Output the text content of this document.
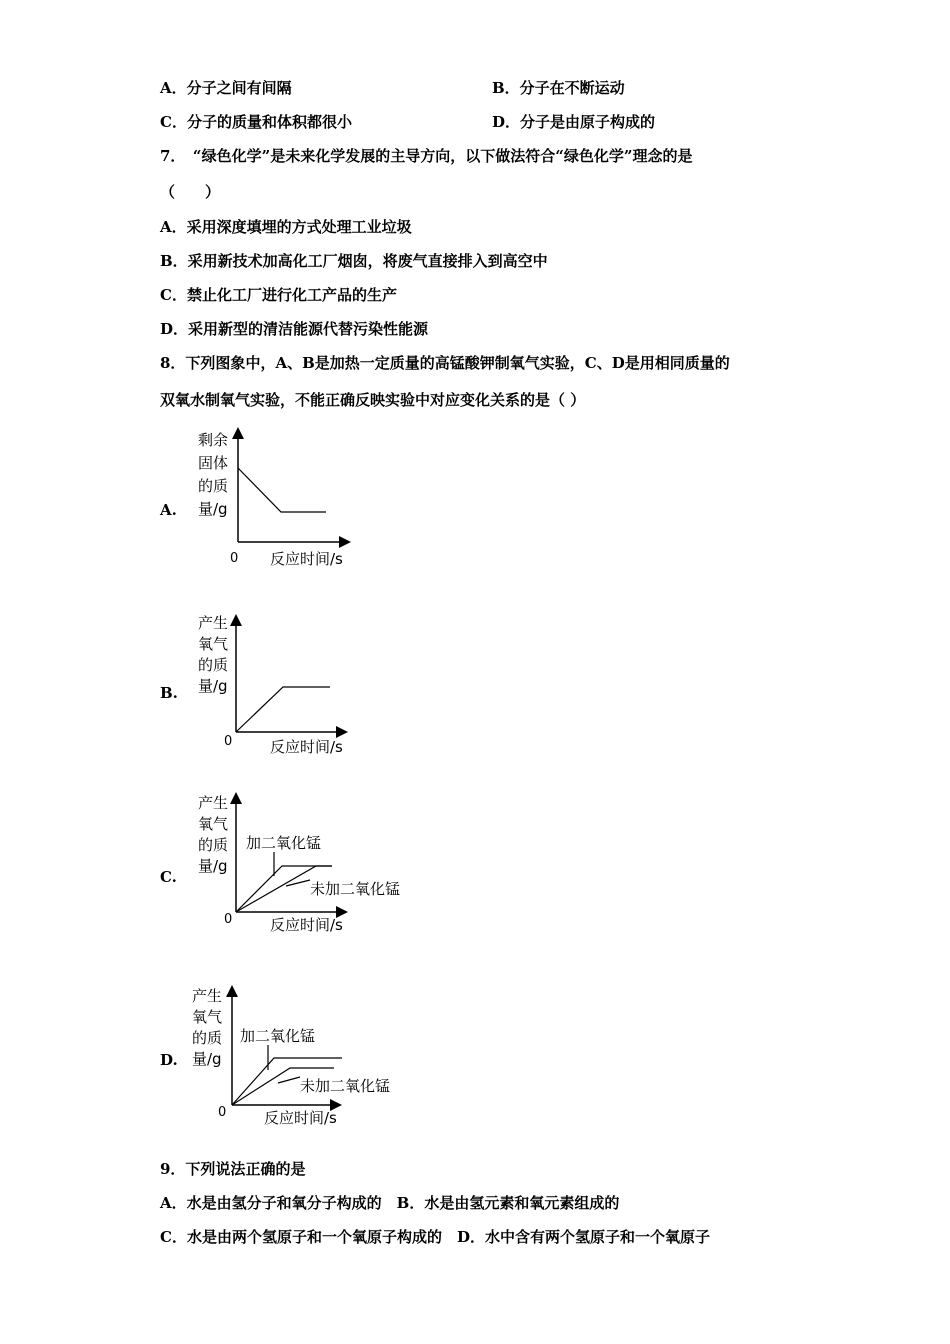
A．分子之间有间隔	B．分子在不断运动
C．分子的质量和体积都很小	D．分子是由原子构成的
7．　“绿色化学”是未来化学发展的主导方向，以下做法符合“绿色化学”理念的是
（　　）
A．采用深度填埋的方式处理工业垃圾
B．采用新技术加高化工厂烟囱，将废气直接排入到高空中
C．禁止化工厂进行化工产品的生产
D．采用新型的清洁能源代替污染性能源
8．下列图象中，A、B是加热一定质量的高锰酸钾制氧气实验，C、D是用相同质量的
双氧水制氧气实验，不能正确反映实验中对应变化关系的是（ ）
A.
剩余
固体
的质
量/g
0 反应时间/s
B.
产生
氧气
的质
量/g
0	反应时间/s
C.
产生
氧气
的质
量/g
加二氧化锰
未加二氧化锰
0	反应时间/s
D.
产生
氧气
的质
量/g
加二氧化锰
未加二氧化锰
0	反应时间/s
9．下列说法正确的是
A．水是由氢分子和氧分子构成的　B．水是由氢元素和氧元素组成的
C．水是由两个氢原子和一个氧原子构成的　D．水中含有两个氢原子和一个氧原子
